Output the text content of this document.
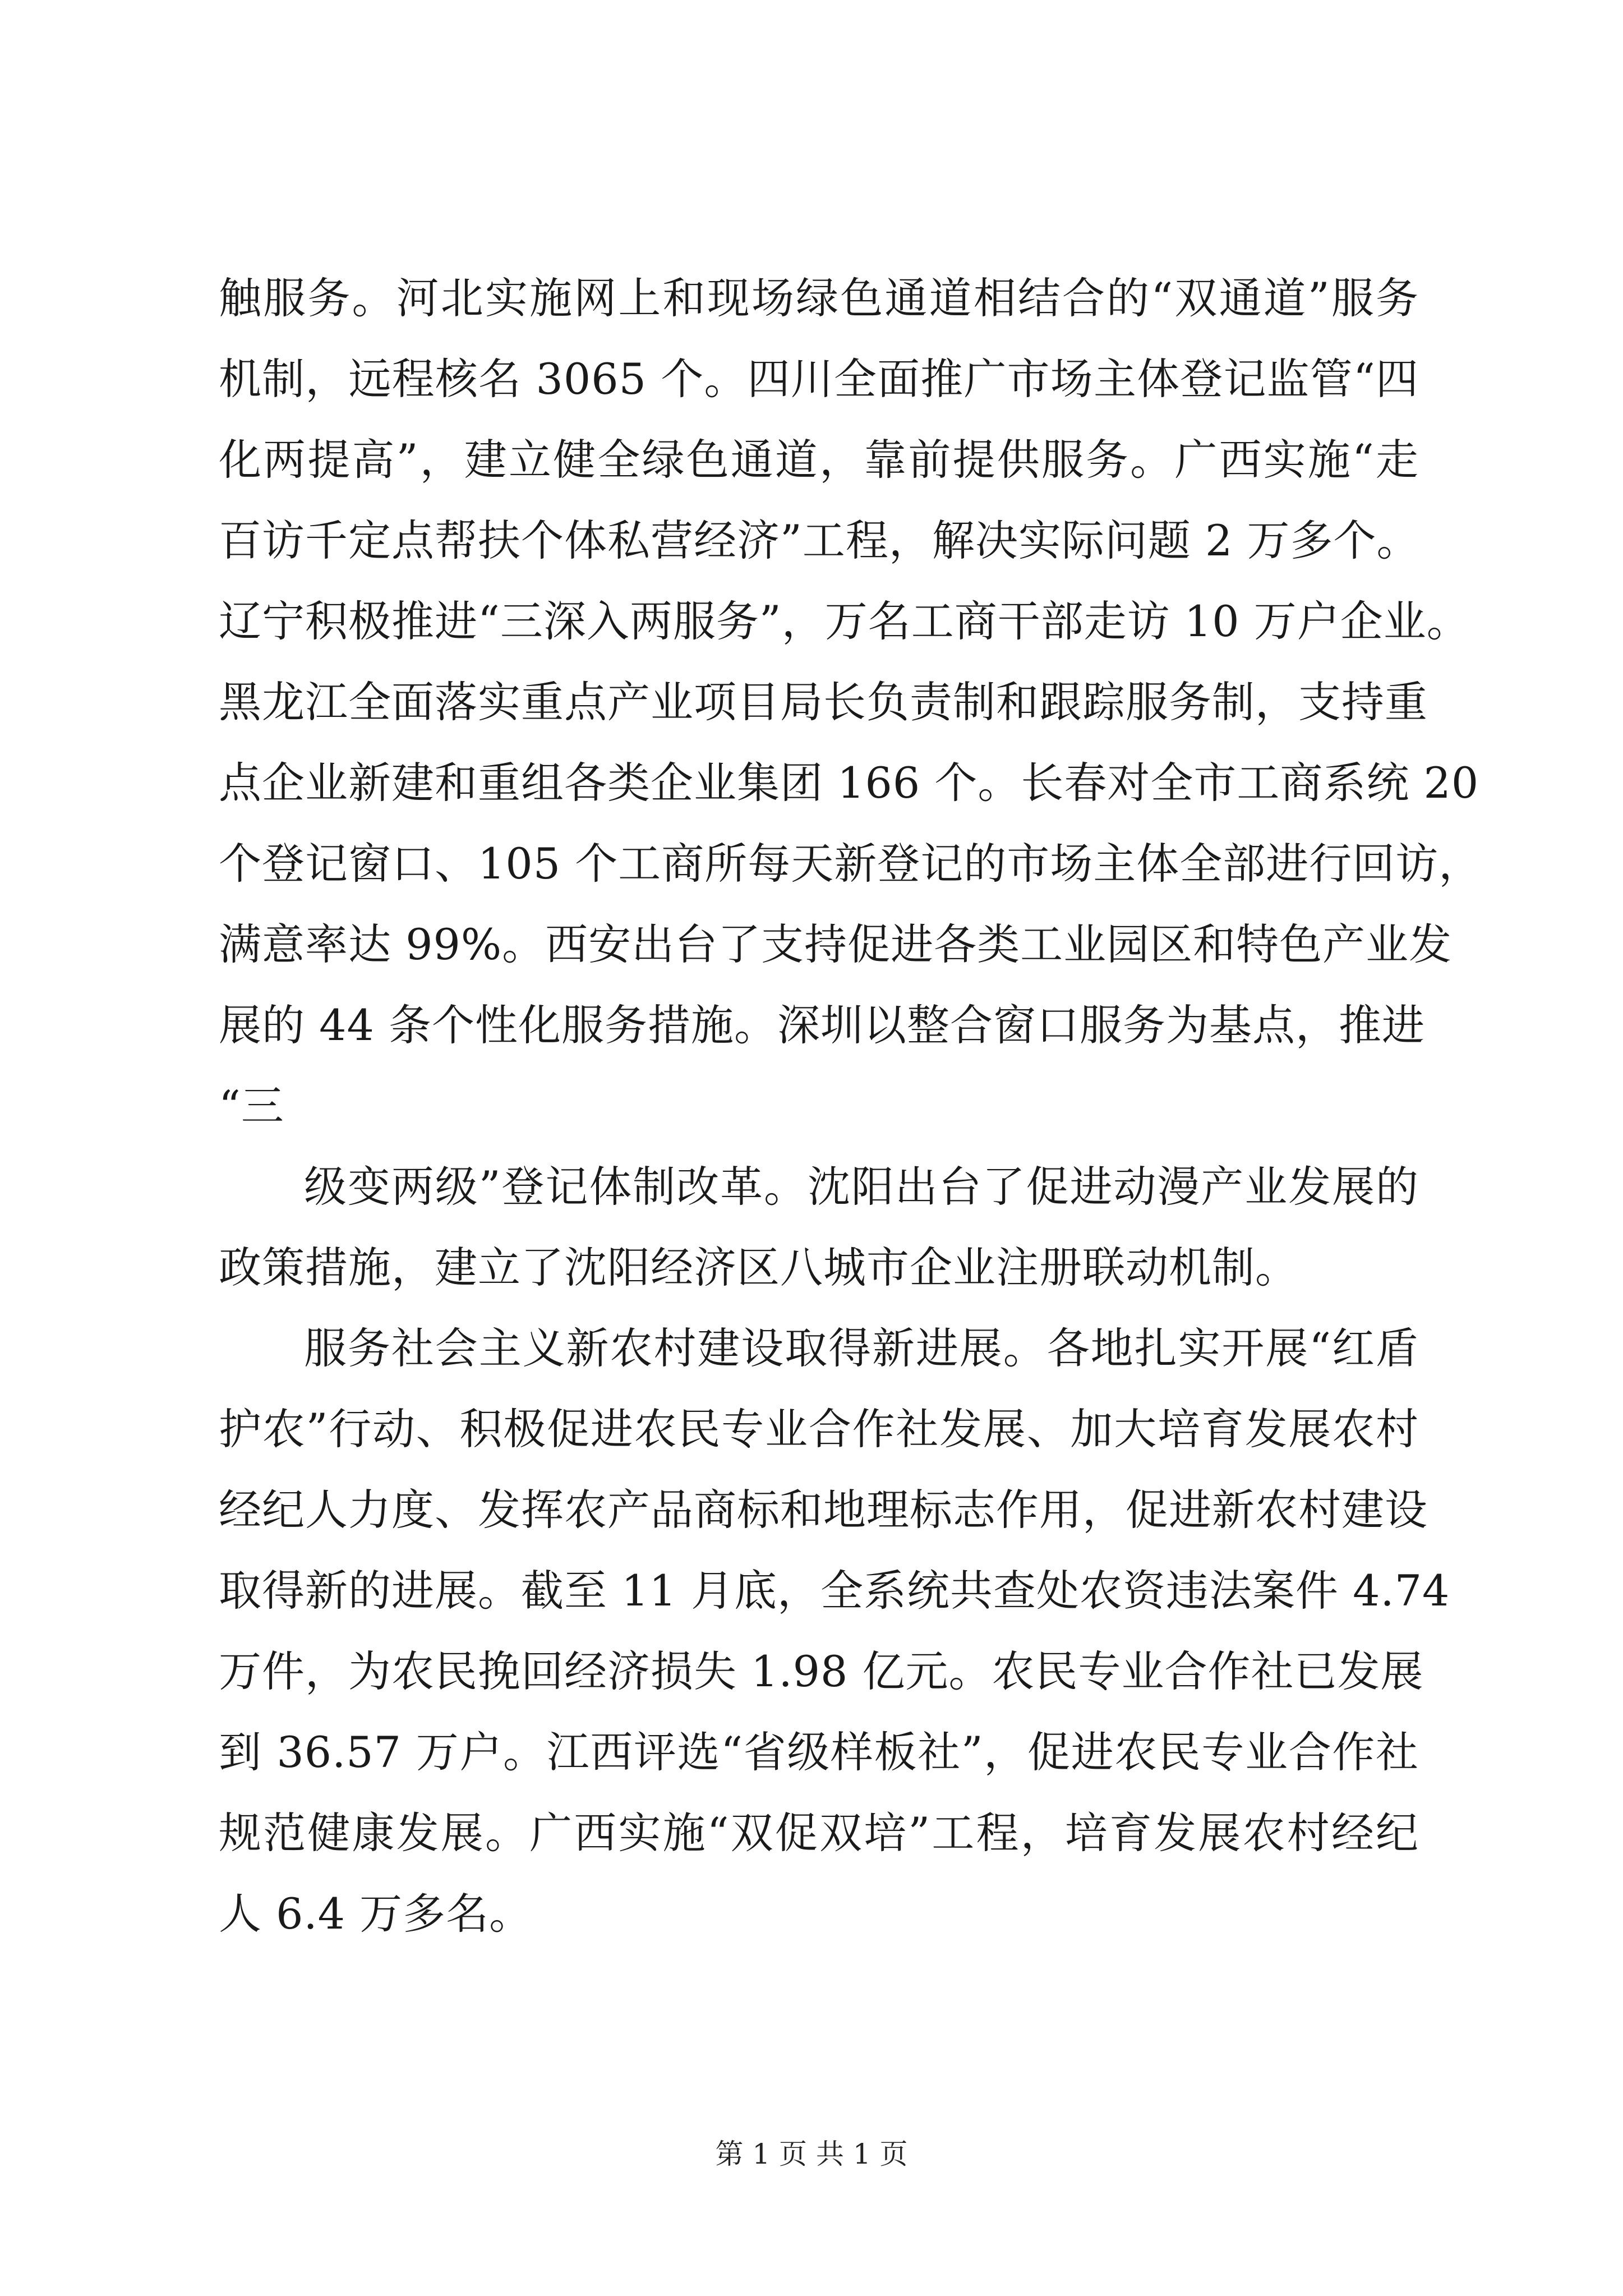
触服务。河北实施网上和现场绿色通道相结合的“双通道”服务
机制，远程核名 3065 个。四川全面推广市场主体登记监管“四
化两提高”，建立健全绿色通道，靠前提供服务。广西实施“走
百访千定点帮扶个体私营经济”工程，解决实际问题 2 万多个。
辽宁积极推进“三深入两服务”，万名工商干部走访 10 万户企业。
黑龙江全面落实重点产业项目局长负责制和跟踪服务制，支持重
点企业新建和重组各类企业集团 166 个。长春对全市工商系统 20
个登记窗口、105 个工商所每天新登记的市场主体全部进行回访，
满意率达 99%。西安出台了支持促进各类工业园区和特色产业发
展的 44 条个性化服务措施。深圳以整合窗口服务为基点，推进
“三
级变两级”登记体制改革。沈阳出台了促进动漫产业发展的
政策措施，建立了沈阳经济区八城市企业注册联动机制。
服务社会主义新农村建设取得新进展。各地扎实开展“红盾
护农”行动、积极促进农民专业合作社发展、加大培育发展农村
经纪人力度、发挥农产品商标和地理标志作用，促进新农村建设
取得新的进展。截至 11 月底，全系统共查处农资违法案件 4.74
万件，为农民挽回经济损失 1.98 亿元。农民专业合作社已发展
到 36.57 万户。江西评选“省级样板社”，促进农民专业合作社
规范健康发展。广西实施“双促双培”工程，培育发展农村经纪
人 6.4 万多名。
第 1 页 共 1 页
